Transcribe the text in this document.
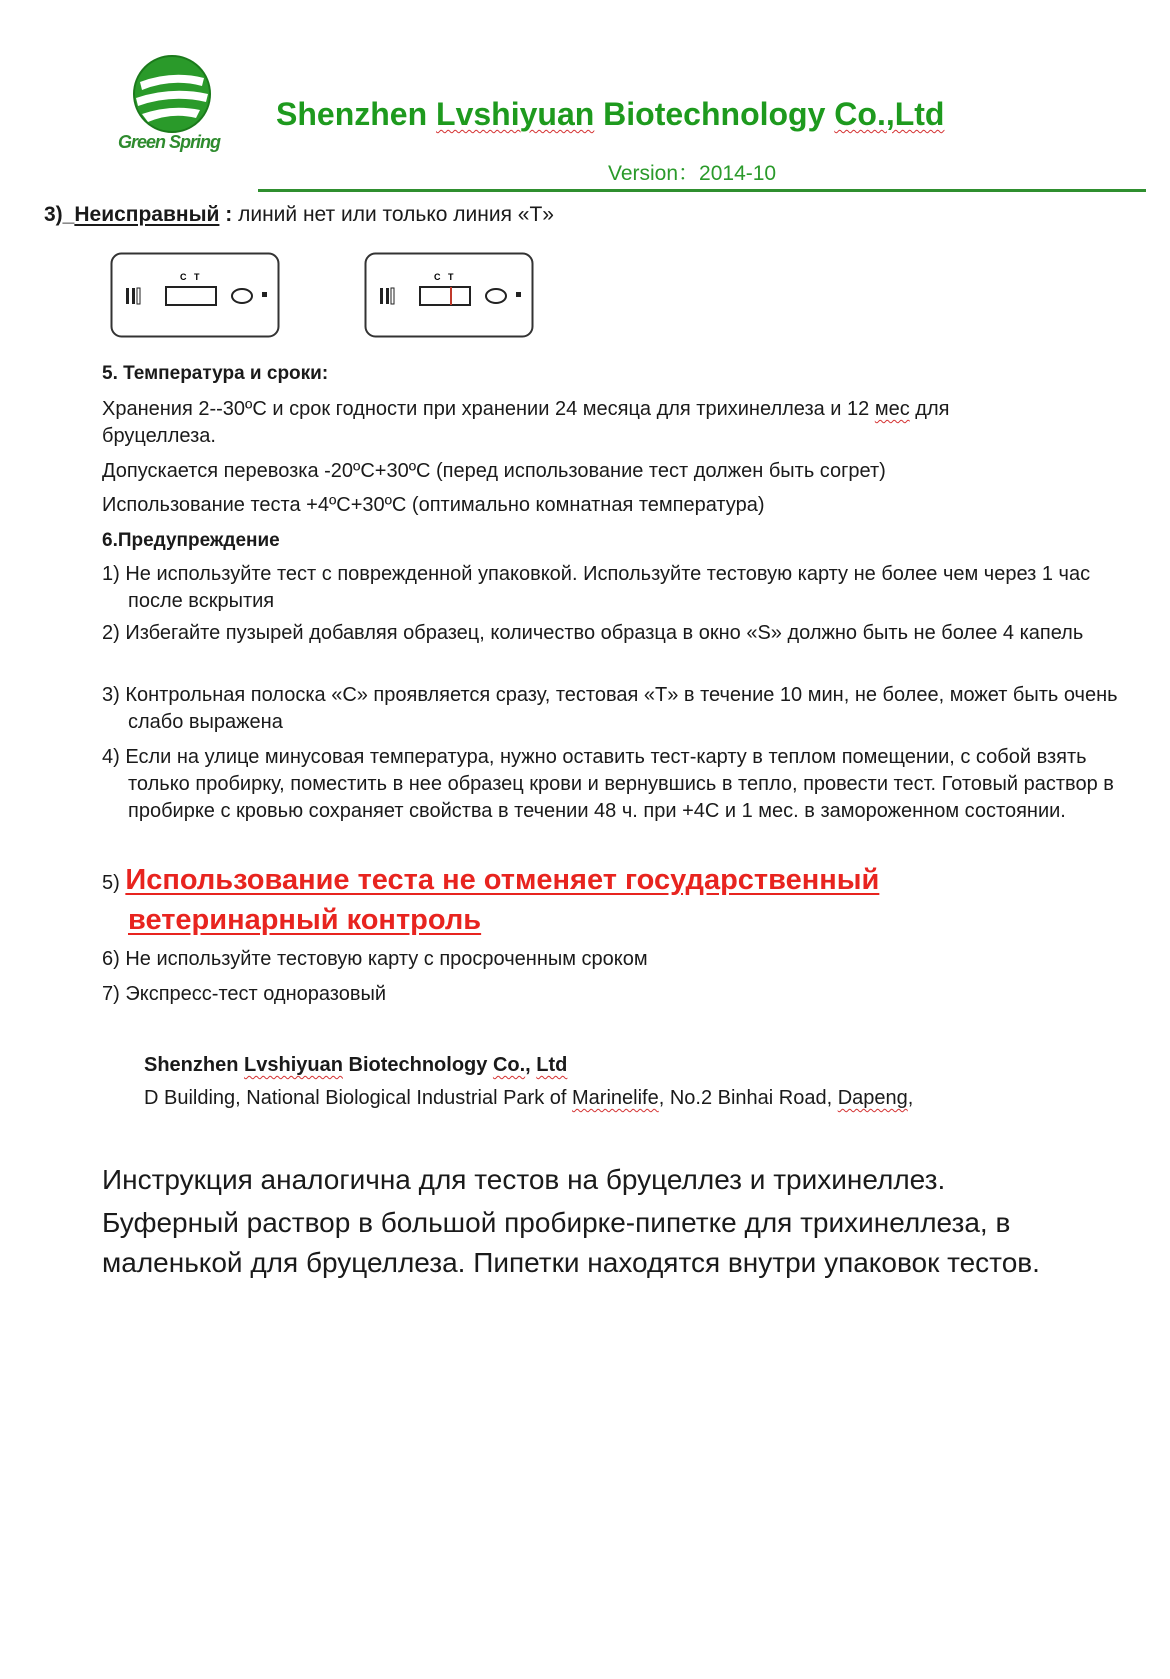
Green Spring
Shenzhen Lvshiyuan Biotechnology Co.,Ltd
Version：2014-10
3)_Неисправный : линий нет или только линия «T»
C T	C T
5. Температура и сроки:
Хранения 2--30ºC и срок годности при хранении 24 месяца для трихинеллеза и 12 мес для
бруцеллеза.
Допускается перевозка -20ºC+30ºC (перед использование тест должен быть согрет)
Использование теста +4ºC+30ºC (оптимально комнатная температура)
6.Предупреждение
1) Не используйте тест с поврежденной упаковкой. Используйте тестовую карту не более чем через 1 час после вскрытия
2) Избегайте пузырей добавляя образец, количество образца в окно «S» должно быть не более 4 капель
3) Контрольная полоска «C» проявляется сразу, тестовая «T» в течение 10 мин, не более, может быть очень слабо выражена
4) Если на улице минусовая температура, нужно оставить тест-карту в теплом помещении, с собой взять только пробирку, поместить в нее образец крови и вернувшись в тепло, провести тест. Готовый раствор в пробирке с кровью сохраняет свойства в течении 48 ч. при +4С и 1 мес. в замороженном состоянии.
5) Использование теста не отменяет государственный ветеринарный контроль
6) Не используйте тестовую карту с просроченным сроком
7) Экспресс-тест одноразовый
Shenzhen Lvshiyuan Biotechnology Co., Ltd
D Building, National Biological Industrial Park of Marinelife, No.2 Binhai Road, Dapeng,
Инструкция аналогична для тестов на бруцеллез и трихинеллез.
Буферный раствор в большой пробирке-пипетке для трихинеллеза, в маленькой для бруцеллеза. Пипетки находятся внутри упаковок тестов.
